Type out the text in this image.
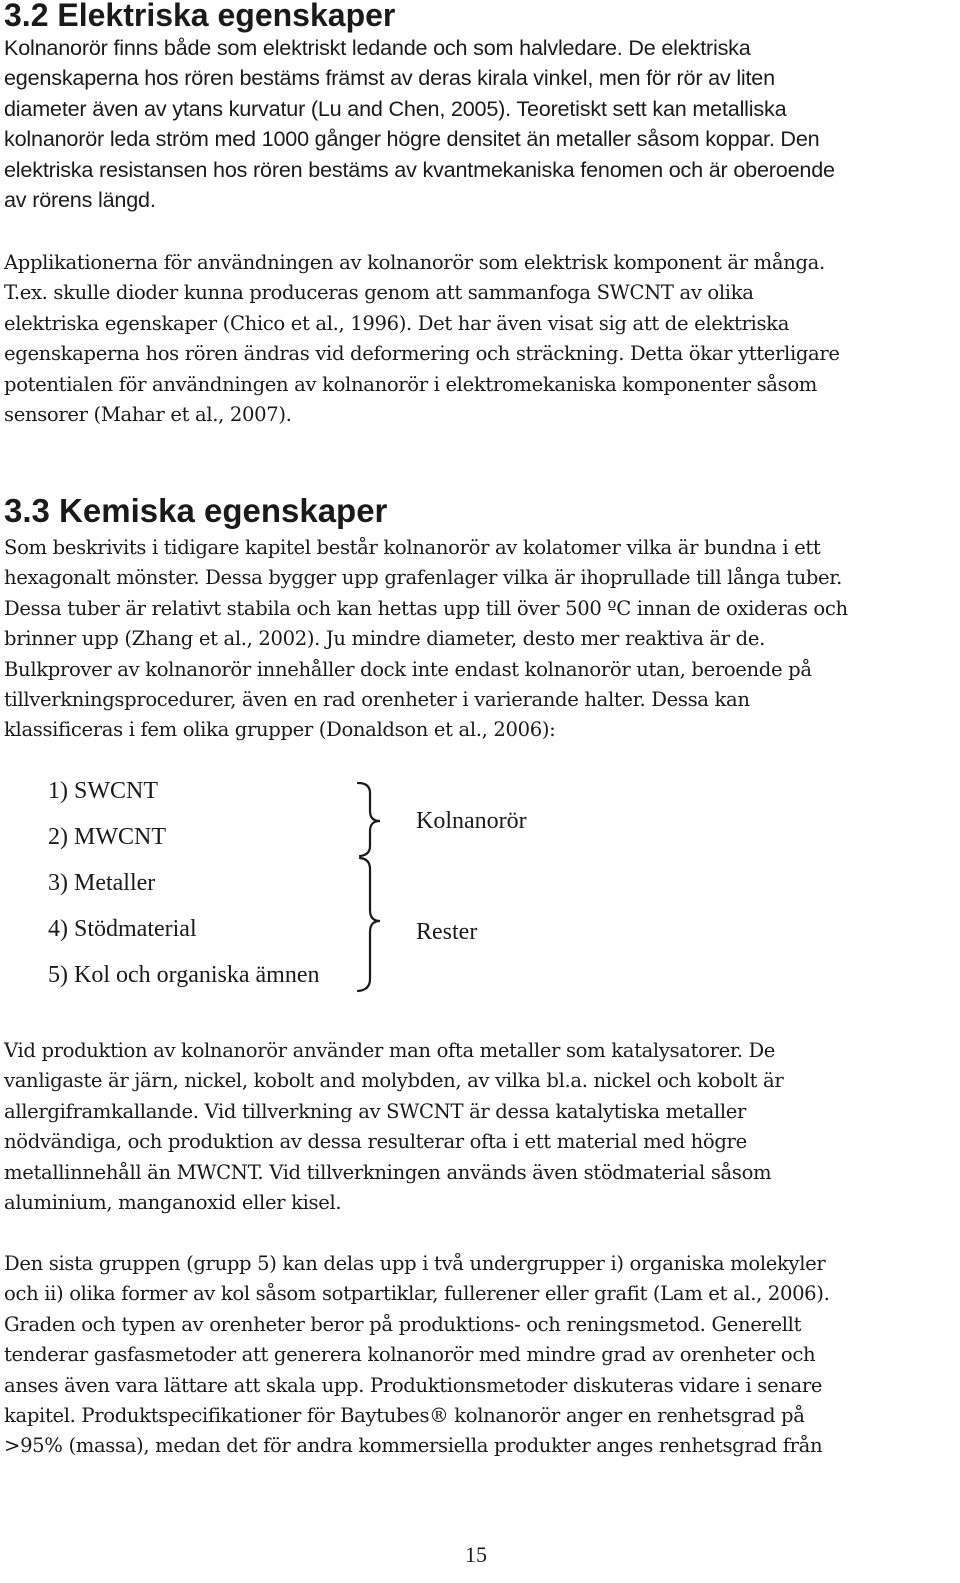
3.2 Elektriska egenskaper
Kolnanorör finns både som elektriskt ledande och som halvledare. De elektriska
egenskaperna hos rören bestäms främst av deras kirala vinkel, men för rör av liten
diameter även av ytans kurvatur (Lu and Chen, 2005). Teoretiskt sett kan metalliska
kolnanorör leda ström med 1000 gånger högre densitet än metaller såsom koppar. Den
elektriska resistansen hos rören bestäms av kvantmekaniska fenomen och är oberoende
av rörens längd.
Applikationerna för användningen av kolnanorör som elektrisk komponent är många.
T.ex. skulle dioder kunna produceras genom att sammanfoga SWCNT av olika
elektriska egenskaper (Chico et al., 1996). Det har även visat sig att de elektriska
egenskaperna hos rören ändras vid deformering och sträckning. Detta ökar ytterligare
potentialen för användningen av kolnanorör i elektromekaniska komponenter såsom
sensorer (Mahar et al., 2007).
3.3 Kemiska egenskaper
Som beskrivits i tidigare kapitel består kolnanorör av kolatomer vilka är bundna i ett
hexagonalt mönster. Dessa bygger upp grafenlager vilka är ihoprullade till långa tuber.
Dessa tuber är relativt stabila och kan hettas upp till över 500 ºC innan de oxideras och
brinner upp (Zhang et al., 2002). Ju mindre diameter, desto mer reaktiva är de.
Bulkprover av kolnanorör innehåller dock inte endast kolnanorör utan, beroende på
tillverkningsprocedurer, även en rad orenheter i varierande halter. Dessa kan
klassificeras i fem olika grupper (Donaldson et al., 2006):
1) SWCNT
2) MWCNT
3) Metaller
4) Stödmaterial
5) Kol och organiska ämnen
Kolnanorör
Rester
Vid produktion av kolnanorör använder man ofta metaller som katalysatorer. De
vanligaste är järn, nickel, kobolt and molybden, av vilka bl.a. nickel och kobolt är
allergiframkallande. Vid tillverkning av SWCNT är dessa katalytiska metaller
nödvändiga, och produktion av dessa resulterar ofta i ett material med högre
metallinnehåll än MWCNT. Vid tillverkningen används även stödmaterial såsom
aluminium, manganoxid eller kisel.
Den sista gruppen (grupp 5) kan delas upp i två undergrupper i) organiska molekyler
och ii) olika former av kol såsom sotpartiklar, fullerener eller grafit (Lam et al., 2006).
Graden och typen av orenheter beror på produktions- och reningsmetod. Generellt
tenderar gasfasmetoder att generera kolnanorör med mindre grad av orenheter och
anses även vara lättare att skala upp. Produktionsmetoder diskuteras vidare i senare
kapitel. Produktspecifikationer för Baytubes® kolnanorör anger en renhetsgrad på
>95% (massa), medan det för andra kommersiella produkter anges renhetsgrad från
15
